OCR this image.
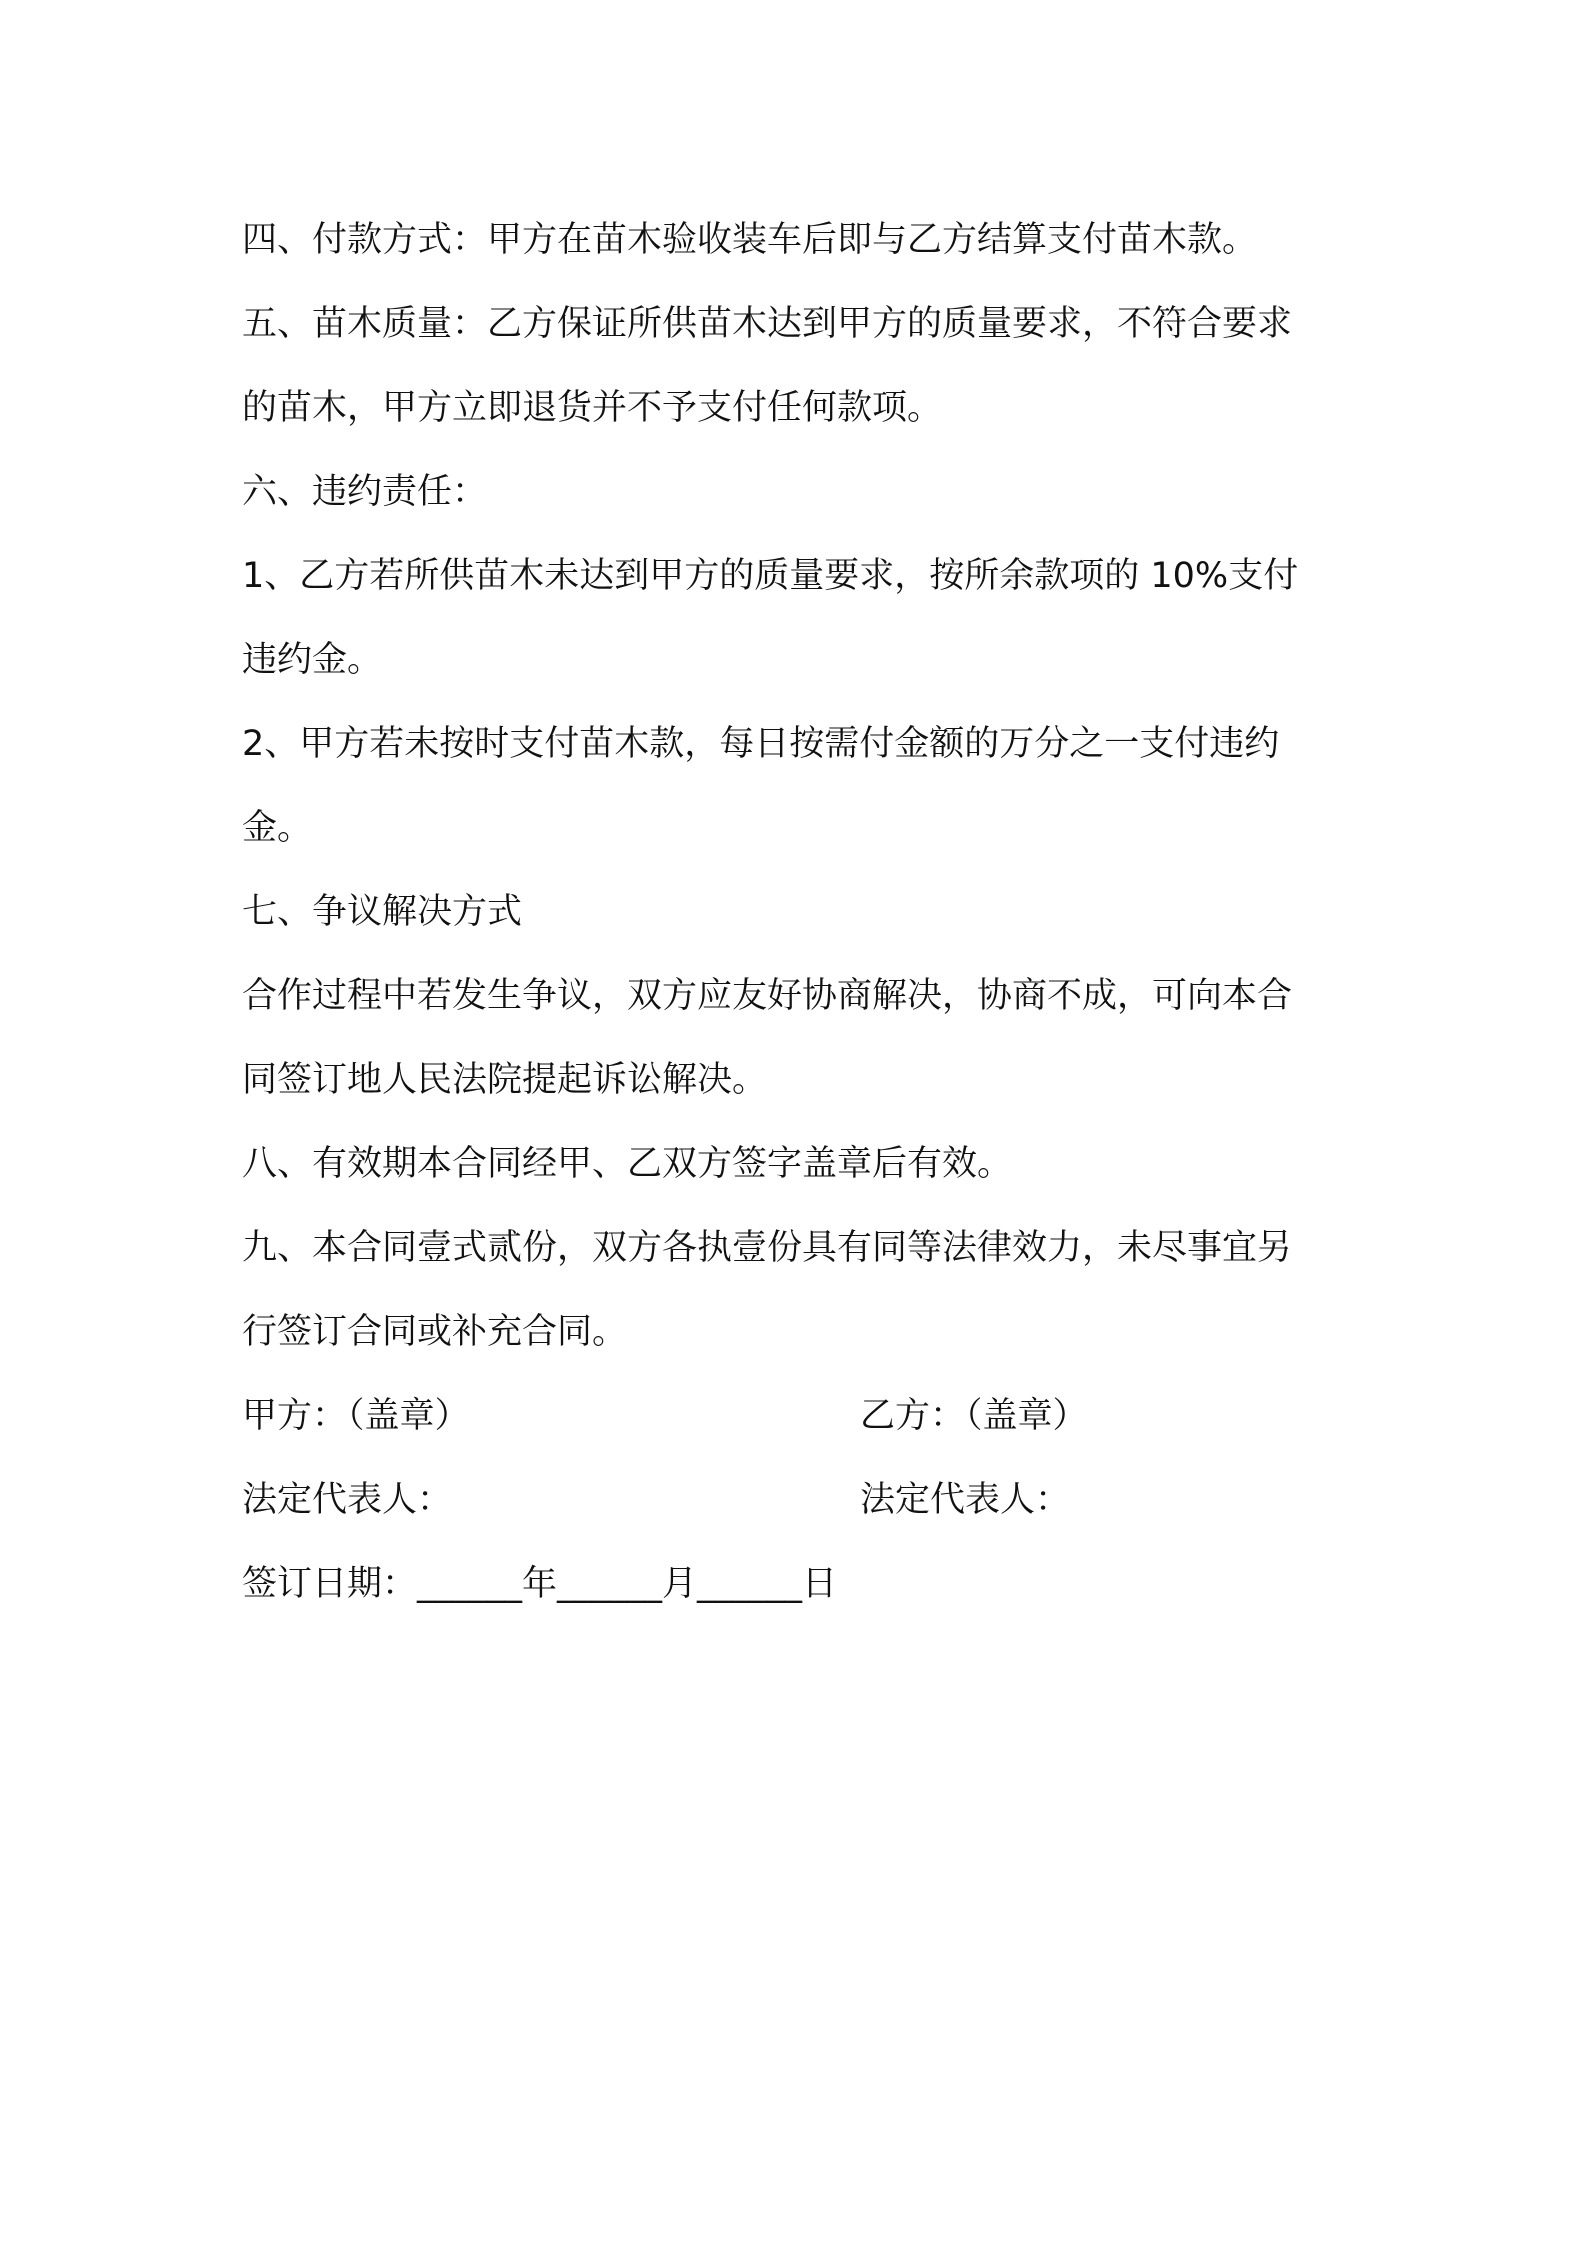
四、付款方式：甲方在苗木验收装车后即与乙方结算支付苗木款。
五、苗木质量：乙方保证所供苗木达到甲方的质量要求，不符合要求
的苗木，甲方立即退货并不予支付任何款项。
六、违约责任：
1、乙方若所供苗木未达到甲方的质量要求，按所余款项的 10%支付
违约金。
2、甲方若未按时支付苗木款，每日按需付金额的万分之一支付违约
金。
七、争议解决方式
合作过程中若发生争议，双方应友好协商解决，协商不成，可向本合
同签订地人民法院提起诉讼解决。
八、有效期本合同经甲、乙双方签字盖章后有效。
九、本合同壹式贰份，双方各执壹份具有同等法律效力，未尽事宜另
行签订合同或补充合同。
甲方：（盖章）	乙方：（盖章）
法定代表人：	法定代表人：
签订日期：______年______月______日
